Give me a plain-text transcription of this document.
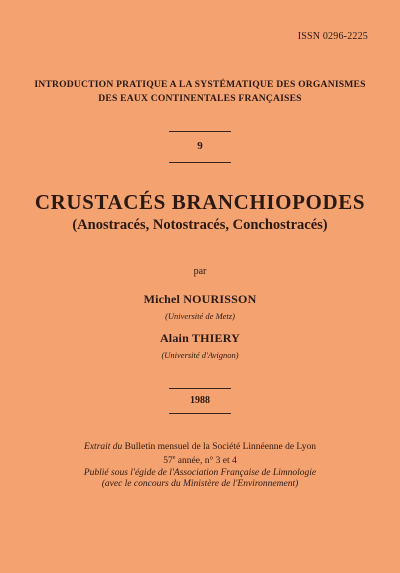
ISSN 0296-2225
INTRODUCTION PRATIQUE A LA SYSTÉMATIQUE DES ORGANISMES
DES EAUX CONTINENTALES FRANÇAISES
9
CRUSTACÉS BRANCHIOPODES
(Anostracés, Notostracés, Conchostracés)
par
Michel NOURISSON
(Université de Metz)
Alain THIERY
(Université d'Avignon)
1988
Extrait du Bulletin mensuel de la Société Linnéenne de Lyon
57e année, n° 3 et 4
Publié sous l'égide de l'Association Française de Limnologie
(avec le concours du Ministère de l'Environnement)
